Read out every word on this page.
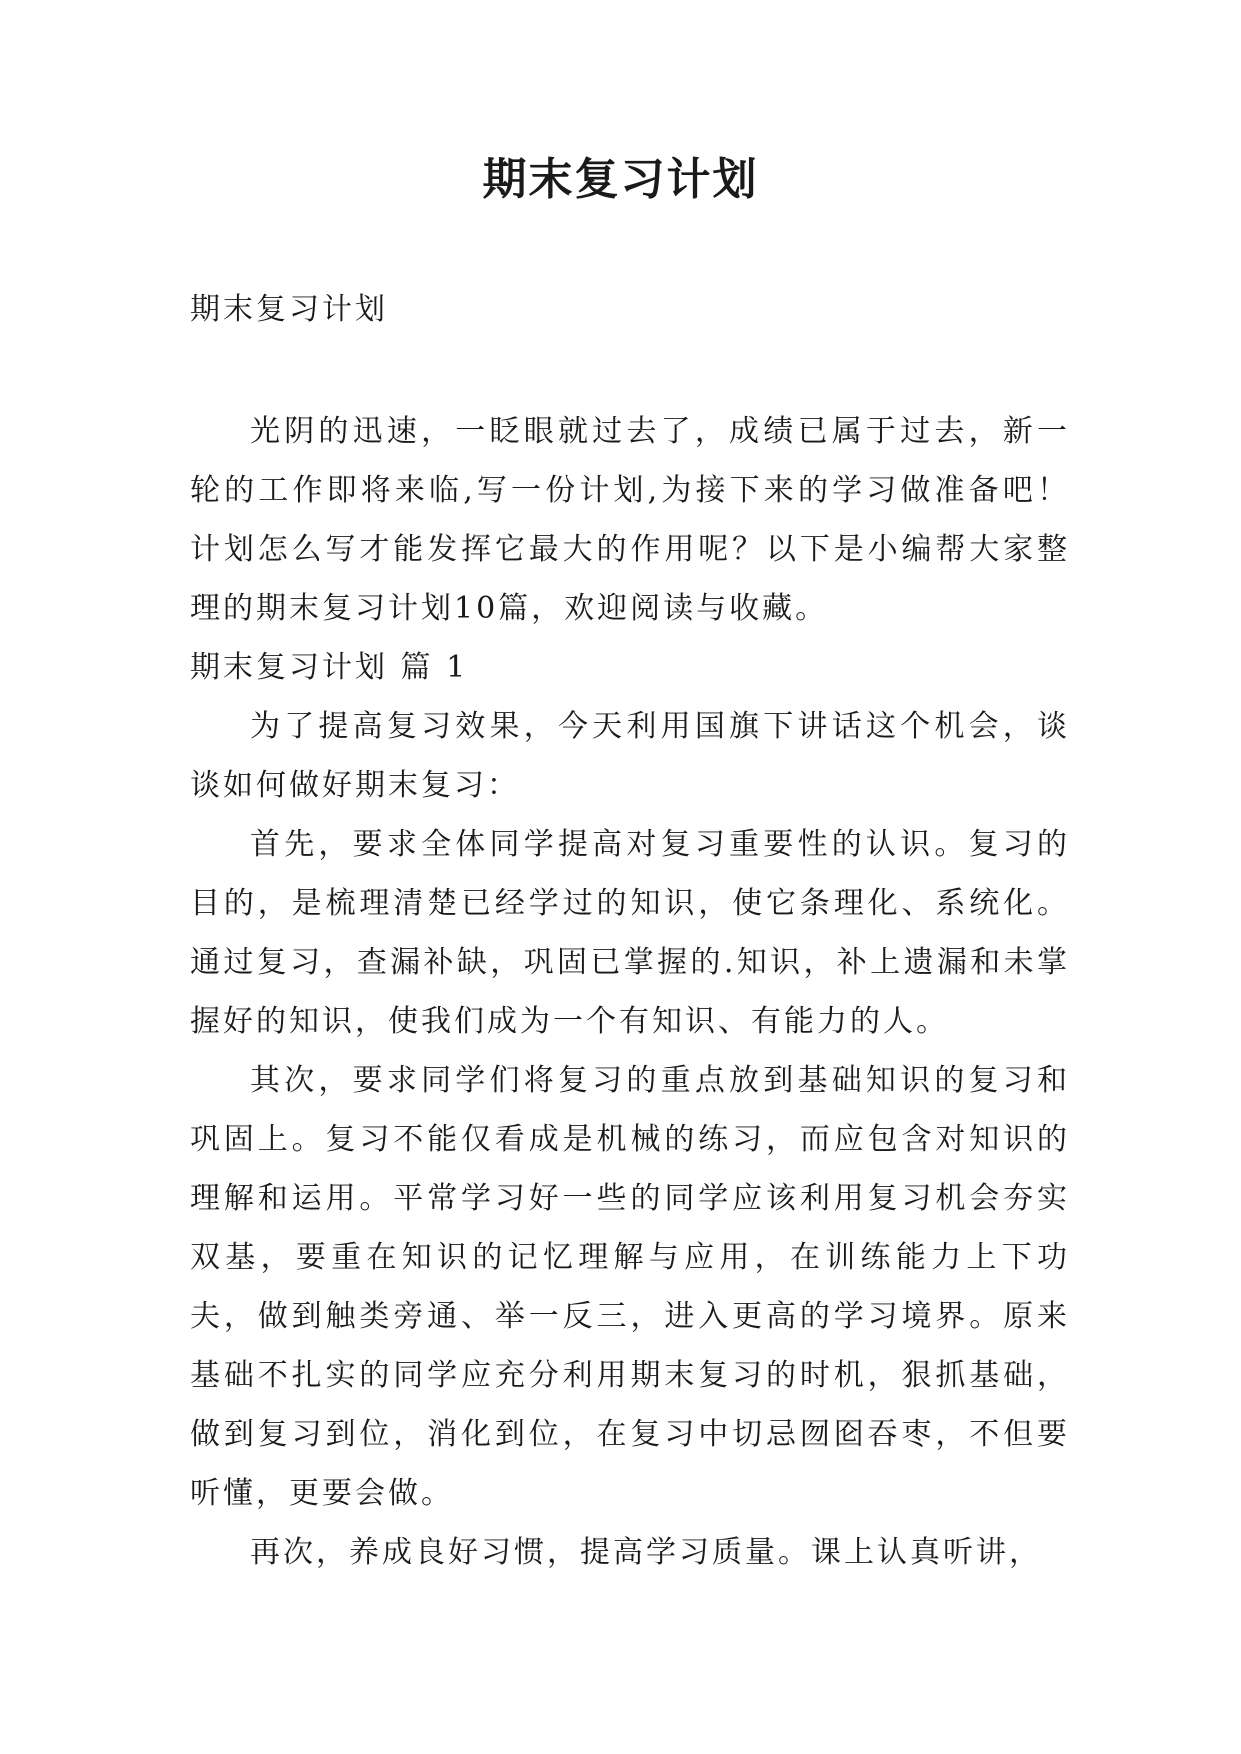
期末复习计划

期末复习计划

光阴的迅速，一眨眼就过去了，成绩已属于过去，新一轮的工作即将来临,写一份计划,为接下来的学习做准备吧！计划怎么写才能发挥它最大的作用呢？以下是小编帮大家整理的期末复习计划10篇，欢迎阅读与收藏。

期末复习计划 篇 1

为了提高复习效果，今天利用国旗下讲话这个机会，谈谈如何做好期末复习：

首先，要求全体同学提高对复习重要性的认识。复习的目的，是梳理清楚已经学过的知识，使它条理化、系统化。通过复习，查漏补缺，巩固已掌握的.知识，补上遗漏和未掌握好的知识，使我们成为一个有知识、有能力的人。

其次，要求同学们将复习的重点放到基础知识的复习和巩固上。复习不能仅看成是机械的练习，而应包含对知识的理解和运用。平常学习好一些的同学应该利用复习机会夯实双基，要重在知识的记忆理解与应用，在训练能力上下功夫，做到触类旁通、举一反三，进入更高的学习境界。原来基础不扎实的同学应充分利用期末复习的时机，狠抓基础，做到复习到位，消化到位，在复习中切忌囫囵吞枣，不但要听懂，更要会做。

再次，养成良好习惯，提高学习质量。课上认真听讲，
